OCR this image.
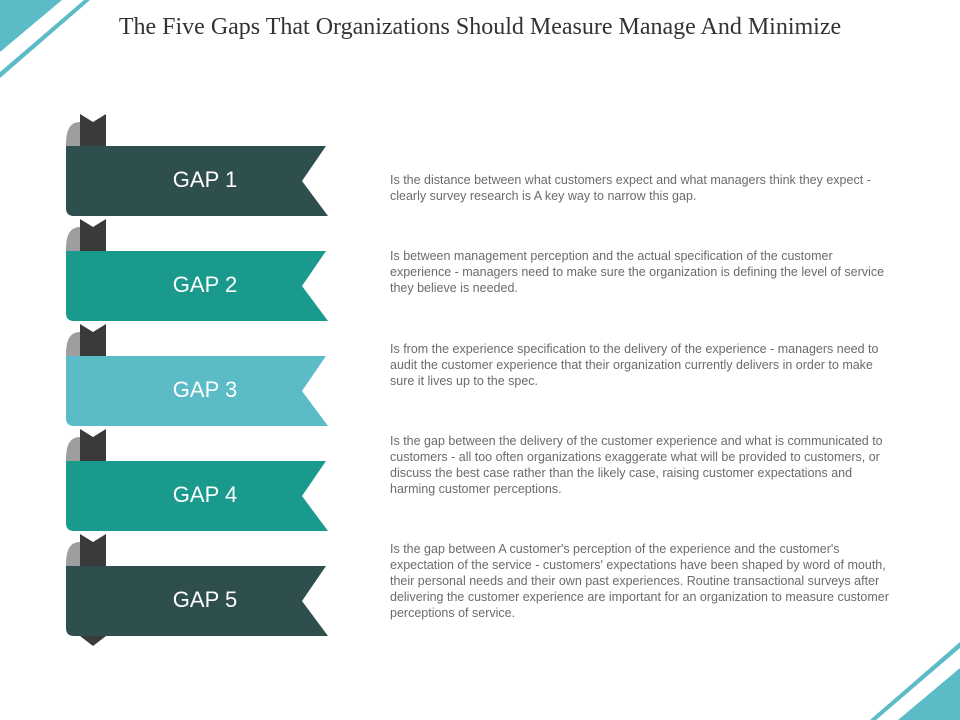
The Five Gaps That Organizations Should Measure Manage And Minimize
GAP 1	Is the distance between what customers expect and what managers think they expect - clearly survey research is A key way to narrow this gap.
GAP 2
Is between management perception and the actual specification of the customer experience - managers need to make sure the organization is defining the level of service they believe is needed.
GAP 3
Is from the experience specification to the delivery of the experience - managers need to audit the customer experience that their organization currently delivers in order to make sure it lives up to the spec.
GAP 4
Is the gap between the delivery of the customer experience and what is communicated to customers - all too often organizations exaggerate what will be provided to customers, or discuss the best case rather than the likely case, raising customer expectations and harming customer perceptions.
GAP 5
Is the gap between A customer's perception of the experience and the customer's expectation of the service - customers' expectations have been shaped by word of mouth, their personal needs and their own past experiences. Routine transactional surveys after delivering the customer experience are important for an organization to measure customer perceptions of service.
